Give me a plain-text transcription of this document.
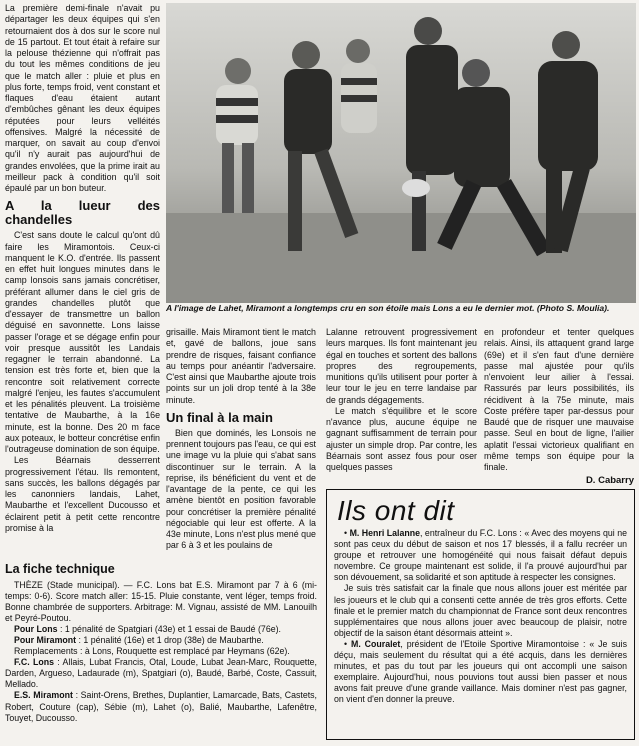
La première demi-finale n'avait pu départager les deux équipes qui s'en retournaient dos à dos sur le score nul de 15 partout. Et tout était à refaire sur la pelouse thézienne qui n'offrait pas du tout les mêmes conditions de jeu que le match aller : pluie et plus en plus forte, temps froid, vent constant et flaques d'eau étaient autant d'embûches gênant les deux équipes réputées pour leurs velléités offensives. Malgré la nécessité de marquer, on savait au coup d'envoi qu'il n'y aurait pas aujourd'hui de grandes envolées, que la prime irait au meilleur pack à condition qu'il soit épaulé par un bon buteur.

A la lueur des chandelles

C'est sans doute le calcul qu'ont dû faire les Miramontois. Ceux-ci manquent le K.O. d'entrée. Ils passent en effet huit longues minutes dans le camp lonsois sans jamais concrétiser, préférant allumer dans le ciel gris de grandes chandelles plutôt que d'essayer de transmettre un ballon déguisé en savonnette. Lons laisse passer l'orage et se dégage enfin pour voir presque aussitôt les Landais regagner le terrain abandonné. La tension est très forte et, bien que la rencontre soit relativement correcte malgré l'enjeu, les fautes s'accumulent et les pénalités pleuvent. La troisième tentative de Maubarthe, à la 16e minute, est la bonne. Des 20 m face aux poteaux, le botteur concrétise enfin l'outrageuse domination de son équipe.

Les Béarnais desserrent progressivement l'étau. Ils remontent, sans succès, les ballons dégagés par les canonniers landais, Lahet, Maubarthe et l'excellent Ducousso et éclairent petit à petit cette rencontre promise à la

A l'image de Lahet, Miramont a longtemps cru en son étoile mais Lons a eu le dernier mot. (Photo S. Moulia).

grisaille. Mais Miramont tient le match et, gavé de ballons, joue sans prendre de risques, faisant confiance au temps pour anéantir l'adversaire. C'est ainsi que Maubarthe ajoute trois points sur un joli drop tenté à la 38e minute.

Un final à la main

Bien que dominés, les Lonsois ne prennent toujours pas l'eau, ce qui est une image vu la pluie qui s'abat sans discontinuer sur le terrain. A la reprise, ils bénéficient du vent et de l'avantage de la pente, ce qui les amène bientôt en position favorable pour concrétiser la première pénalité négociable qui leur est offerte. A la 43e minute, Lons n'est plus mené que par 6 à 3 et les poulains de

Lalanne retrouvent progressivement leurs marques. Ils font maintenant jeu égal en touches et sortent des ballons propres des regroupements, munitions qu'ils utilisent pour porter à leur tour le jeu en terre landaise par de grands dégagements.

Le match s'équilibre et le score n'avance plus, aucune équipe ne gagnant suffisamment de terrain pour ajuster un simple drop. Par contre, les Béarnais sont assez fous pour oser quelques passes

en profondeur et tenter quelques relais. Ainsi, ils attaquent grand large (69e) et il s'en faut d'une dernière passe mal ajustée pour qu'ils n'envoient leur ailier à l'essai. Rassurés par leurs possibilités, ils récidivent à la 75e minute, mais Coste préfère taper par-dessus pour Baudé que de risquer une mauvaise passe. Seul en bout de ligne, l'ailier aplatit l'essai victorieux qualifiant en même temps son équipe pour la finale.

D. Cabarry
La fiche technique

THÈZE (Stade municipal). — F.C. Lons bat E.S. Miramont par 7 à 6 (mi-temps: 0-6). Score match aller: 15-15. Pluie constante, vent léger, temps froid. Bonne chambrée de supporters. Arbitrage: M. Vignau, assisté de MM. Lanouilh et Peyré-Poutou.

Pour Lons : 1 pénalité de Spatgiari (43e) et 1 essai de Baudé (76e).

Pour Miramont : 1 pénalité (16e) et 1 drop (38e) de Maubarthe.

Remplacements : à Lons, Rouquette est remplacé par Heymans (62e).

F.C. Lons : Allais, Lubat Francis, Otal, Loude, Lubat Jean-Marc, Rouquette, Darden, Argueso, Ladaurade (m), Spatgiari (o), Baudé, Barbé, Coste, Cassuit, Mellado.

E.S. Miramont : Saint-Orens, Brethes, Duplantier, Lamarcade, Bats, Castets, Robert, Couture (cap), Sébie (m), Lahet (o), Balié, Maubarthe, Lafenêtre, Touyet, Ducousso.

Ils ont dit

• M. Henri Lalanne, entraîneur du F.C. Lons : « Avec des moyens qui ne sont pas ceux du début de saison et nos 17 blessés, il a fallu recréer un groupe et retrouver une homogénéité qui nous faisait défaut depuis novembre. Ce groupe maintenant est solide, il l'a prouvé aujourd'hui par son dévouement, sa solidarité et son aptitude à respecter les consignes.

Je suis très satisfait car la finale que nous allons jouer est méritée par les joueurs et le club qui a consenti cette année de très gros efforts. Cette finale et le premier match du championnat de France sont deux rencontres supplémentaires que nous allons jouer avec beaucoup de plaisir, notre objectif de la saison étant désormais atteint ».

• M. Couralet, président de l'Etoile Sportive Miramontoise : « Je suis déçu, mais seulement du résultat qui a été acquis, dans les dernières minutes, et pas du tout par les joueurs qui ont accompli une saison exemplaire. Aujourd'hui, nous pouvions tout aussi bien passer et nous avons fait preuve d'une grande vaillance. Mais dominer n'est pas gagner, on vient d'en donner la preuve.
